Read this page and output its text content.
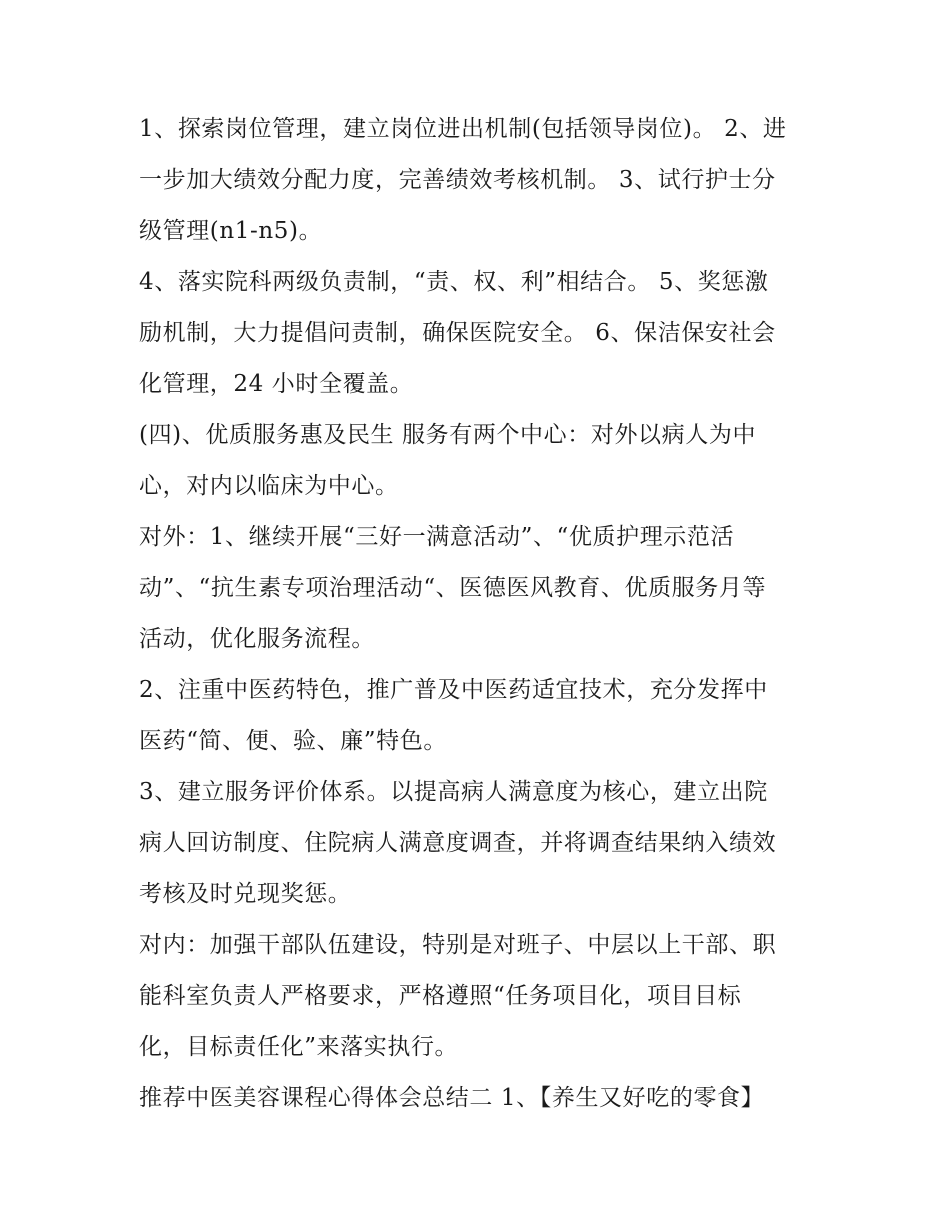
1、探索岗位管理，建立岗位进出机制(包括领导岗位)。 2、进
一步加大绩效分配力度，完善绩效考核机制。 3、试行护士分
级管理(n1-n5)。
4、落实院科两级负责制，“责、权、利”相结合。 5、奖惩激
励机制，大力提倡问责制，确保医院安全。 6、保洁保安社会
化管理，24 小时全覆盖。
(四)、优质服务惠及民生 服务有两个中心：对外以病人为中
心，对内以临床为中心。
对外：1、继续开展“三好一满意活动”、“优质护理示范活
动”、“抗生素专项治理活动“、医德医风教育、优质服务月等
活动，优化服务流程。
2、注重中医药特色，推广普及中医药适宜技术，充分发挥中
医药“简、便、验、廉”特色。
3、建立服务评价体系。以提高病人满意度为核心，建立出院
病人回访制度、住院病人满意度调查，并将调查结果纳入绩效
考核及时兑现奖惩。
对内：加强干部队伍建设，特别是对班子、中层以上干部、职
能科室负责人严格要求，严格遵照“任务项目化，项目目标
化，目标责任化”来落实执行。
推荐中医美容课程心得体会总结二 1、【养生又好吃的零食】
